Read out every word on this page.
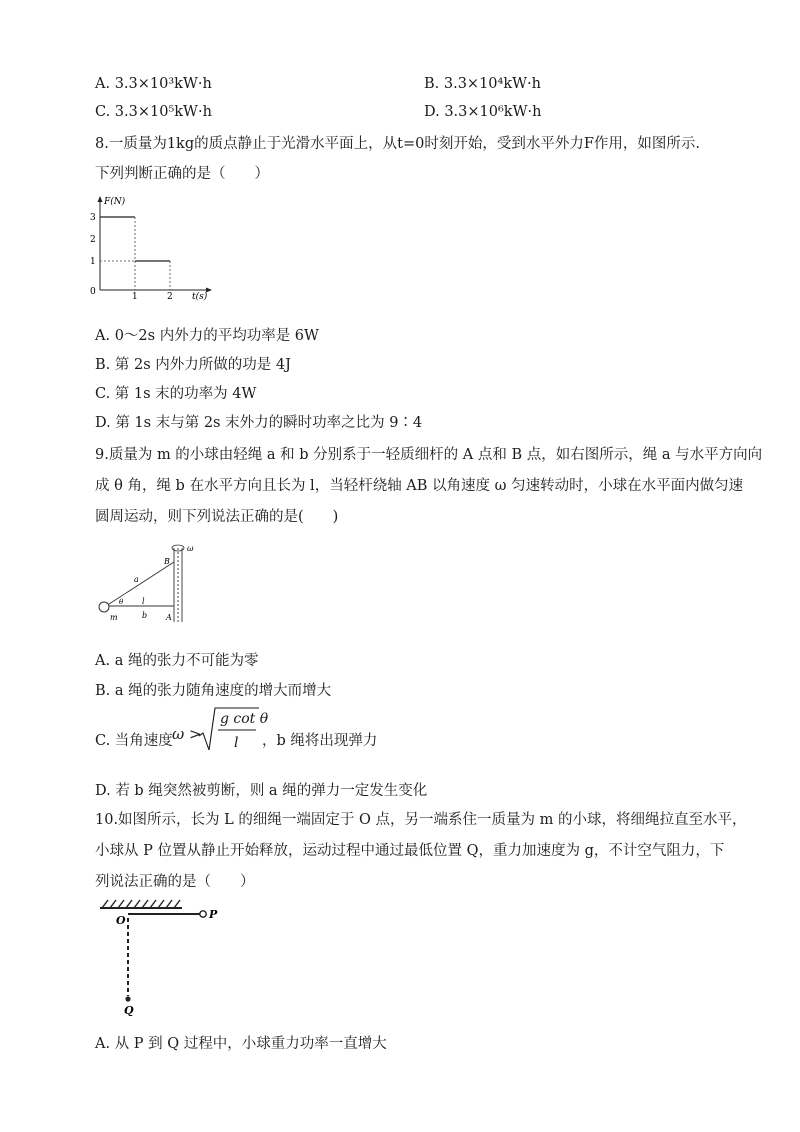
A. 3.3×10³kW·h	B. 3.3×10⁴kW·h
C. 3.3×10⁵kW·h	D. 3.3×10⁶kW·h
8.一质量为1kg的质点静止于光滑水平面上，从t=0时刻开始，受到水平外力F作用，如图所示.
下列判断正确的是（　　）
F(N)
3
2
1
0	1	2 t(s)
A. 0～2s 内外力的平均功率是 6W
B. 第 2s 内外力所做的功是 4J
C. 第 1s 末的功率为 4W
D. 第 1s 末与第 2s 末外力的瞬时功率之比为 9∶4
9.质量为 m 的小球由轻绳 a 和 b 分别系于一轻质细杆的 A 点和 B 点，如右图所示，绳 a 与水平方向向
成 θ 角，绳 b 在水平方向且长为 l，当轻杆绕轴 AB 以角速度 ω 匀速转动时，小球在水平面内做匀速
圆周运动，则下列说法正确的是(　　)
ω
B
A
a
θ l
b
m
A. a 绳的张力不可能为零
B. a 绳的张力随角速度的增大而增大
C. 当角速度 ω >
g cot θ
l ，b 绳将出现弹力
D. 若 b 绳突然被剪断，则 a 绳的弹力一定发生变化
10.如图所示，长为 L 的细绳一端固定于 O 点，另一端系住一质量为 m 的小球，将细绳拉直至水平，
小球从 P 位置从静止开始释放，运动过程中通过最低位置 Q，重力加速度为 g，不计空气阻力，下
列说法正确的是（　　）
O	P
Q
A. 从 P 到 Q 过程中，小球重力功率一直增大
